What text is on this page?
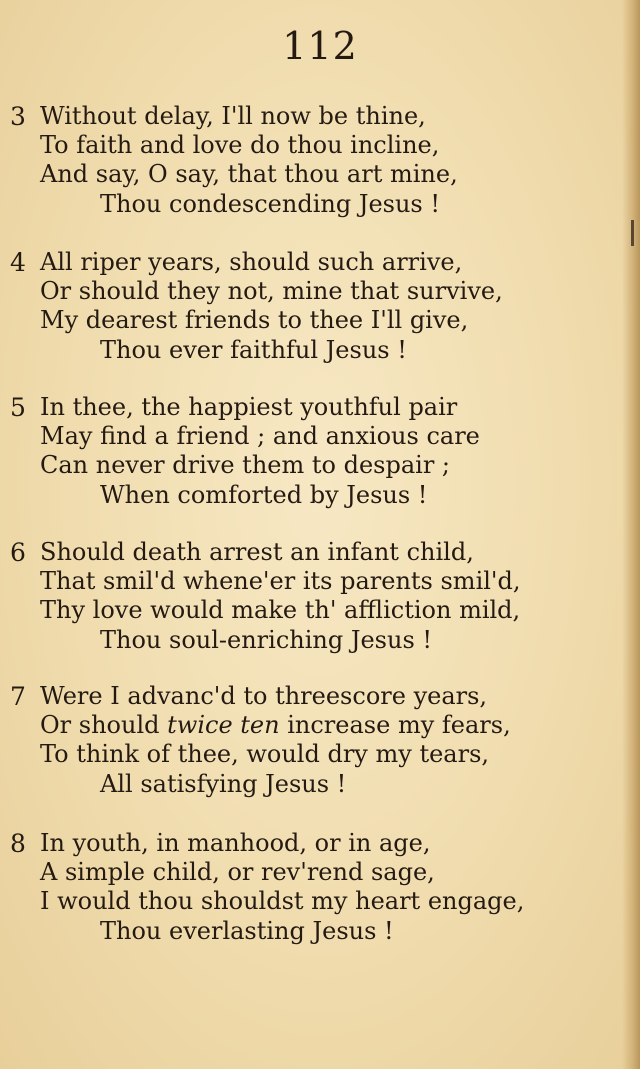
112
3 Without delay, I'll now be thine,
To faith and love do thou incline,
And say, O say, that thou art mine,
Thou condescending Jesus !
4 All riper years, should such arrive,
Or should they not, mine that survive,
My dearest friends to thee I'll give,
Thou ever faithful Jesus !
5 In thee, the happiest youthful pair
May find a friend ; and anxious care
Can never drive them to despair ;
When comforted by Jesus !
6 Should death arrest an infant child,
That smil'd whene'er its parents smil'd,
Thy love would make th' affliction mild,
Thou soul-enriching Jesus !
7 Were I advanc'd to threescore years,
Or should twice ten increase my fears,
To think of thee, would dry my tears,
All satisfying Jesus !
8 In youth, in manhood, or in age,
A simple child, or rev'rend sage,
I would thou shouldst my heart engage,
Thou everlasting Jesus !
